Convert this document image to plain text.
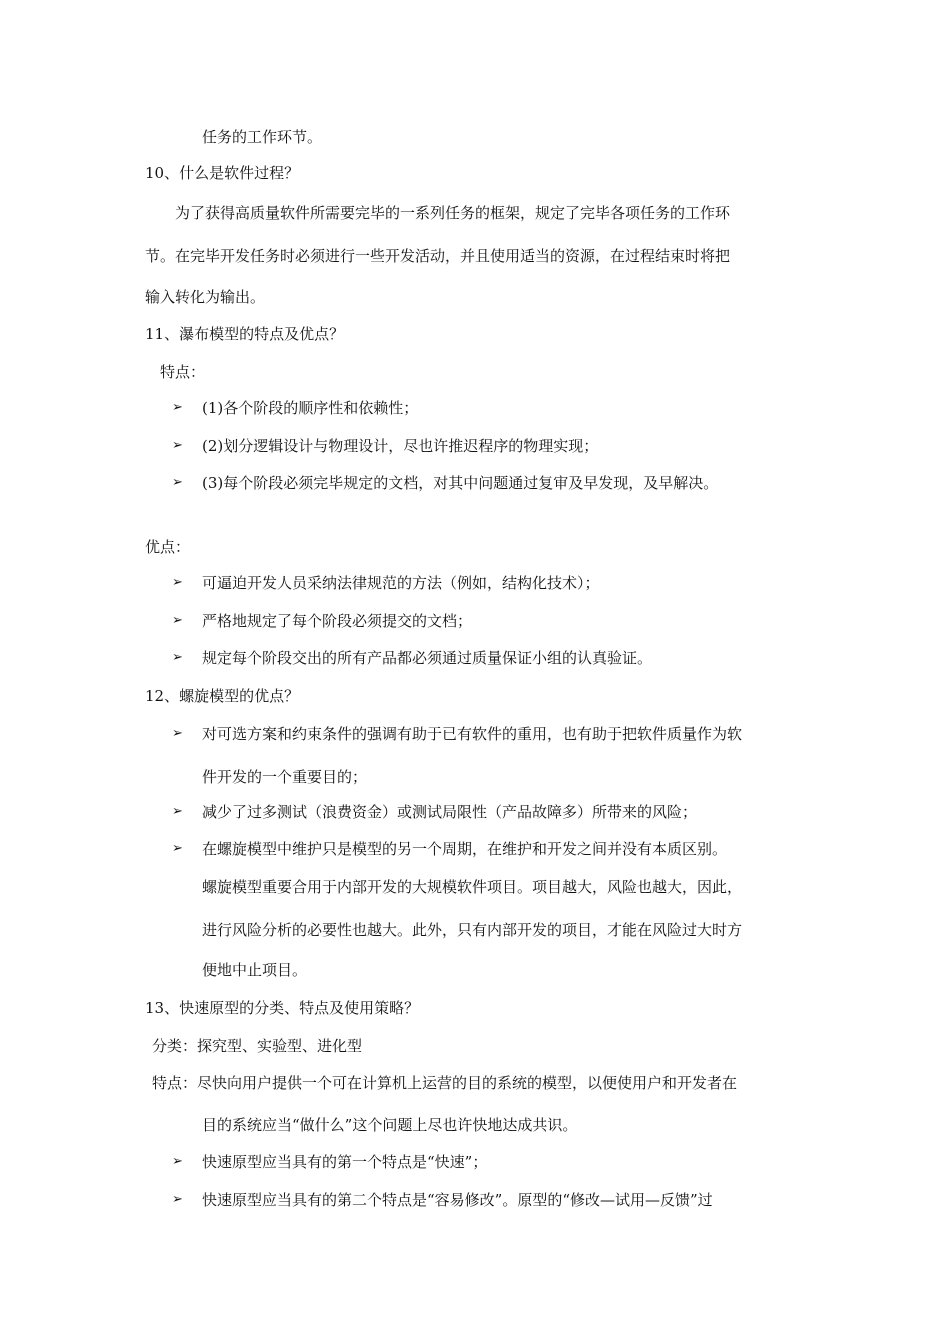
任务的工作环节。
10、什么是软件过程？
为了获得高质量软件所需要完毕的一系列任务的框架，规定了完毕各项任务的工作环
节。在完毕开发任务时必须进行一些开发活动，并且使用适当的资源，在过程结束时将把
输入转化为输出。
11、瀑布模型的特点及优点？
特点：
➢
(1)各个阶段的顺序性和依赖性；
➢
(2)划分逻辑设计与物理设计，尽也许推迟程序的物理实现；
➢
(3)每个阶段必须完毕规定的文档，对其中问题通过复审及早发现，及早解决。
优点：
➢
可逼迫开发人员采纳法律规范的方法（例如，结构化技术）；
➢
严格地规定了每个阶段必须提交的文档；
➢
规定每个阶段交出的所有产品都必须通过质量保证小组的认真验证。
12、螺旋模型的优点？
➢
对可选方案和约束条件的强调有助于已有软件的重用，也有助于把软件质量作为软
件开发的一个重要目的；
➢
减少了过多测试（浪费资金）或测试局限性（产品故障多）所带来的风险；
➢
在螺旋模型中维护只是模型的另一个周期，在维护和开发之间并没有本质区别。
螺旋模型重要合用于内部开发的大规模软件项目。项目越大，风险也越大，因此，
进行风险分析的必要性也越大。此外，只有内部开发的项目，才能在风险过大时方
便地中止项目。
13、快速原型的分类、特点及使用策略？
分类：探究型、实验型、进化型
特点：尽快向用户提供一个可在计算机上运营的目的系统的模型，以便使用户和开发者在
目的系统应当“做什么”这个问题上尽也许快地达成共识。
➢
快速原型应当具有的第一个特点是“快速”；
➢
快速原型应当具有的第二个特点是“容易修改”。原型的“修改—试用—反馈”过
